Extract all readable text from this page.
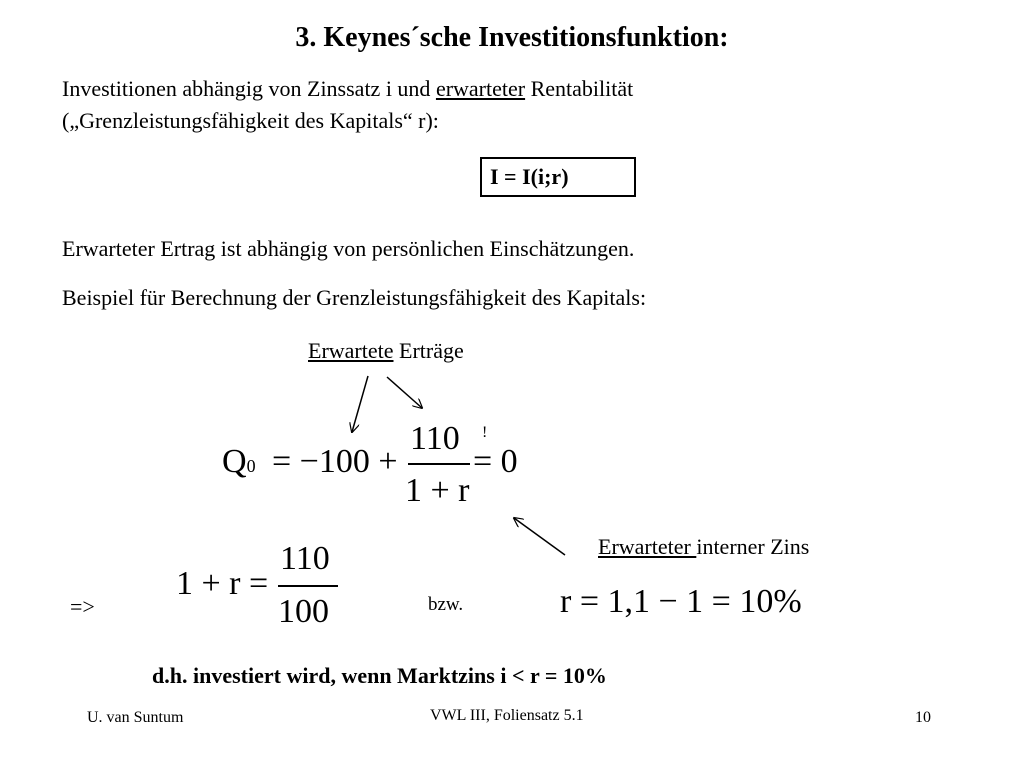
3. Keynes´sche Investitionsfunktion:
Investitionen abhängig von Zinssatz i und erwarteter Rentabilität
(„Grenzleistungsfähigkeit des Kapitals“ r):
I = I(i;r)
Erwarteter Ertrag ist abhängig von persönlichen Einschätzungen.
Beispiel für Berechnung der Grenzleistungsfähigkeit des Kapitals:
Erwartete Erträge
Q0 = −100 +
110
1 + r
= 0
!
Erwarteter interner Zins
=>
1 + r =
110
100	bzw.	r = 1,1 − 1 = 10%
d.h. investiert wird, wenn Marktzins i < r = 10%
U. van Suntum	VWL III, Foliensatz 5.1	10
